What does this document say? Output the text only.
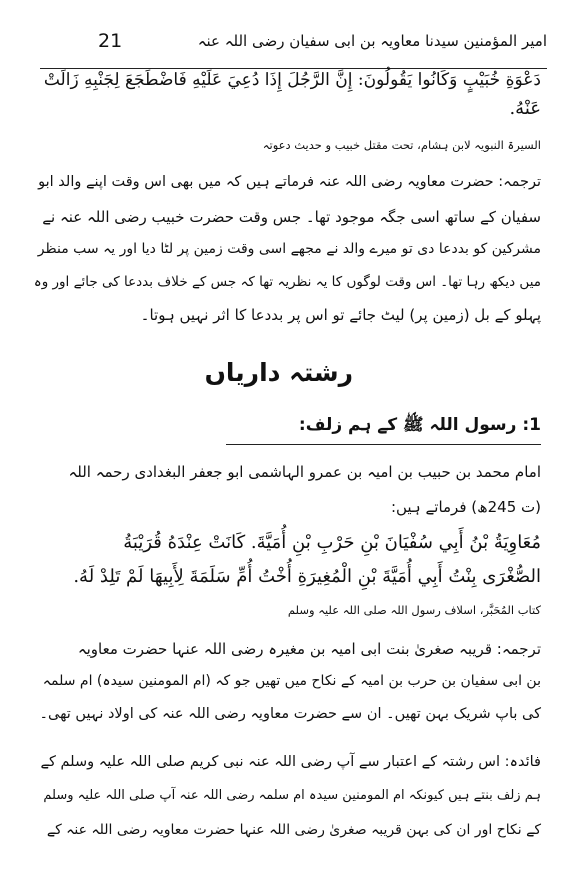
امیر المؤمنین سیدنا معاویہ بن ابی سفیان رضی اللہ عنہ
21
دَعْوَةِ خُبَيْبٍ وَكَانُوا يَقُولُونَ: إِنَّ الرَّجُلَ إِذَا دُعِيَ عَلَيْهِ فَاضْطَجَعَ لِجَنْبِهِ زَالَتْ
عَنْهُ.
السیرۃ النبویہ لابن ہشام، تحت مقتل خبیب و حدیث دعوتہ
ترجمہ: حضرت معاویہ رضی اللہ عنہ فرماتے ہیں کہ میں بھی اس وقت اپنے والد ابو
سفیان کے ساتھ اسی جگہ موجود تھا۔ جس وقت حضرت خبیب رضی اللہ عنہ نے
مشرکین کو بددعا دی تو میرے والد نے مجھے اسی وقت زمین پر لٹا دیا اور یہ سب منظر
میں دیکھ رہا تھا۔ اس وقت لوگوں کا یہ نظریہ تھا کہ جس کے خلاف بددعا کی جائے اور وہ
پہلو کے بل (زمین پر) لیٹ جائے تو اس پر بددعا کا اثر نہیں ہوتا۔
رشتہ داریاں
1: رسول اللہ ﷺ کے ہم زلف:
امام محمد بن حبیب بن امیہ بن عمرو الہاشمی ابو جعفر البغدادی رحمہ اللہ
(ت 245ھ) فرماتے ہیں:
مُعَاوِيَةُ بْنُ أَبِي سُفْيَانَ بْنِ حَرْبِ بْنِ أُمَيَّةَ. كَانَتْ عِنْدَهُ قُرَيْبَةُ
الصُّغْرَى بِنْتُ أَبِي أُمَيَّةَ بْنِ الْمُغِيرَةِ أُخْتُ أُمِّ سَلَمَةَ لِأَبِيهَا لَمْ تَلِدْ لَهُ.
کتاب المُحَبَّر، اسلاف رسول اللہ صلی اللہ علیہ وسلم
ترجمہ: قریبہ صغریٰ بنت ابی امیہ بن مغیرہ رضی اللہ عنہا حضرت معاویہ
بن ابی سفیان بن حرب بن امیہ کے نکاح میں تھیں جو کہ (ام المومنین سیدہ) ام سلمہ
کی باپ شریک بہن تھیں۔ ان سے حضرت معاویہ رضی اللہ عنہ کی اولاد نہیں تھی۔
فائدہ: اس رشتہ کے اعتبار سے آپ رضی اللہ عنہ نبی کریم صلی اللہ علیہ وسلم کے
ہم زلف بنتے ہیں کیونکہ ام المومنین سیدہ ام سلمہ رضی اللہ عنہ آپ صلی اللہ علیہ وسلم
کے نکاح اور ان کی بہن قریبہ صغریٰ رضی اللہ عنہا حضرت معاویہ رضی اللہ عنہ کے
